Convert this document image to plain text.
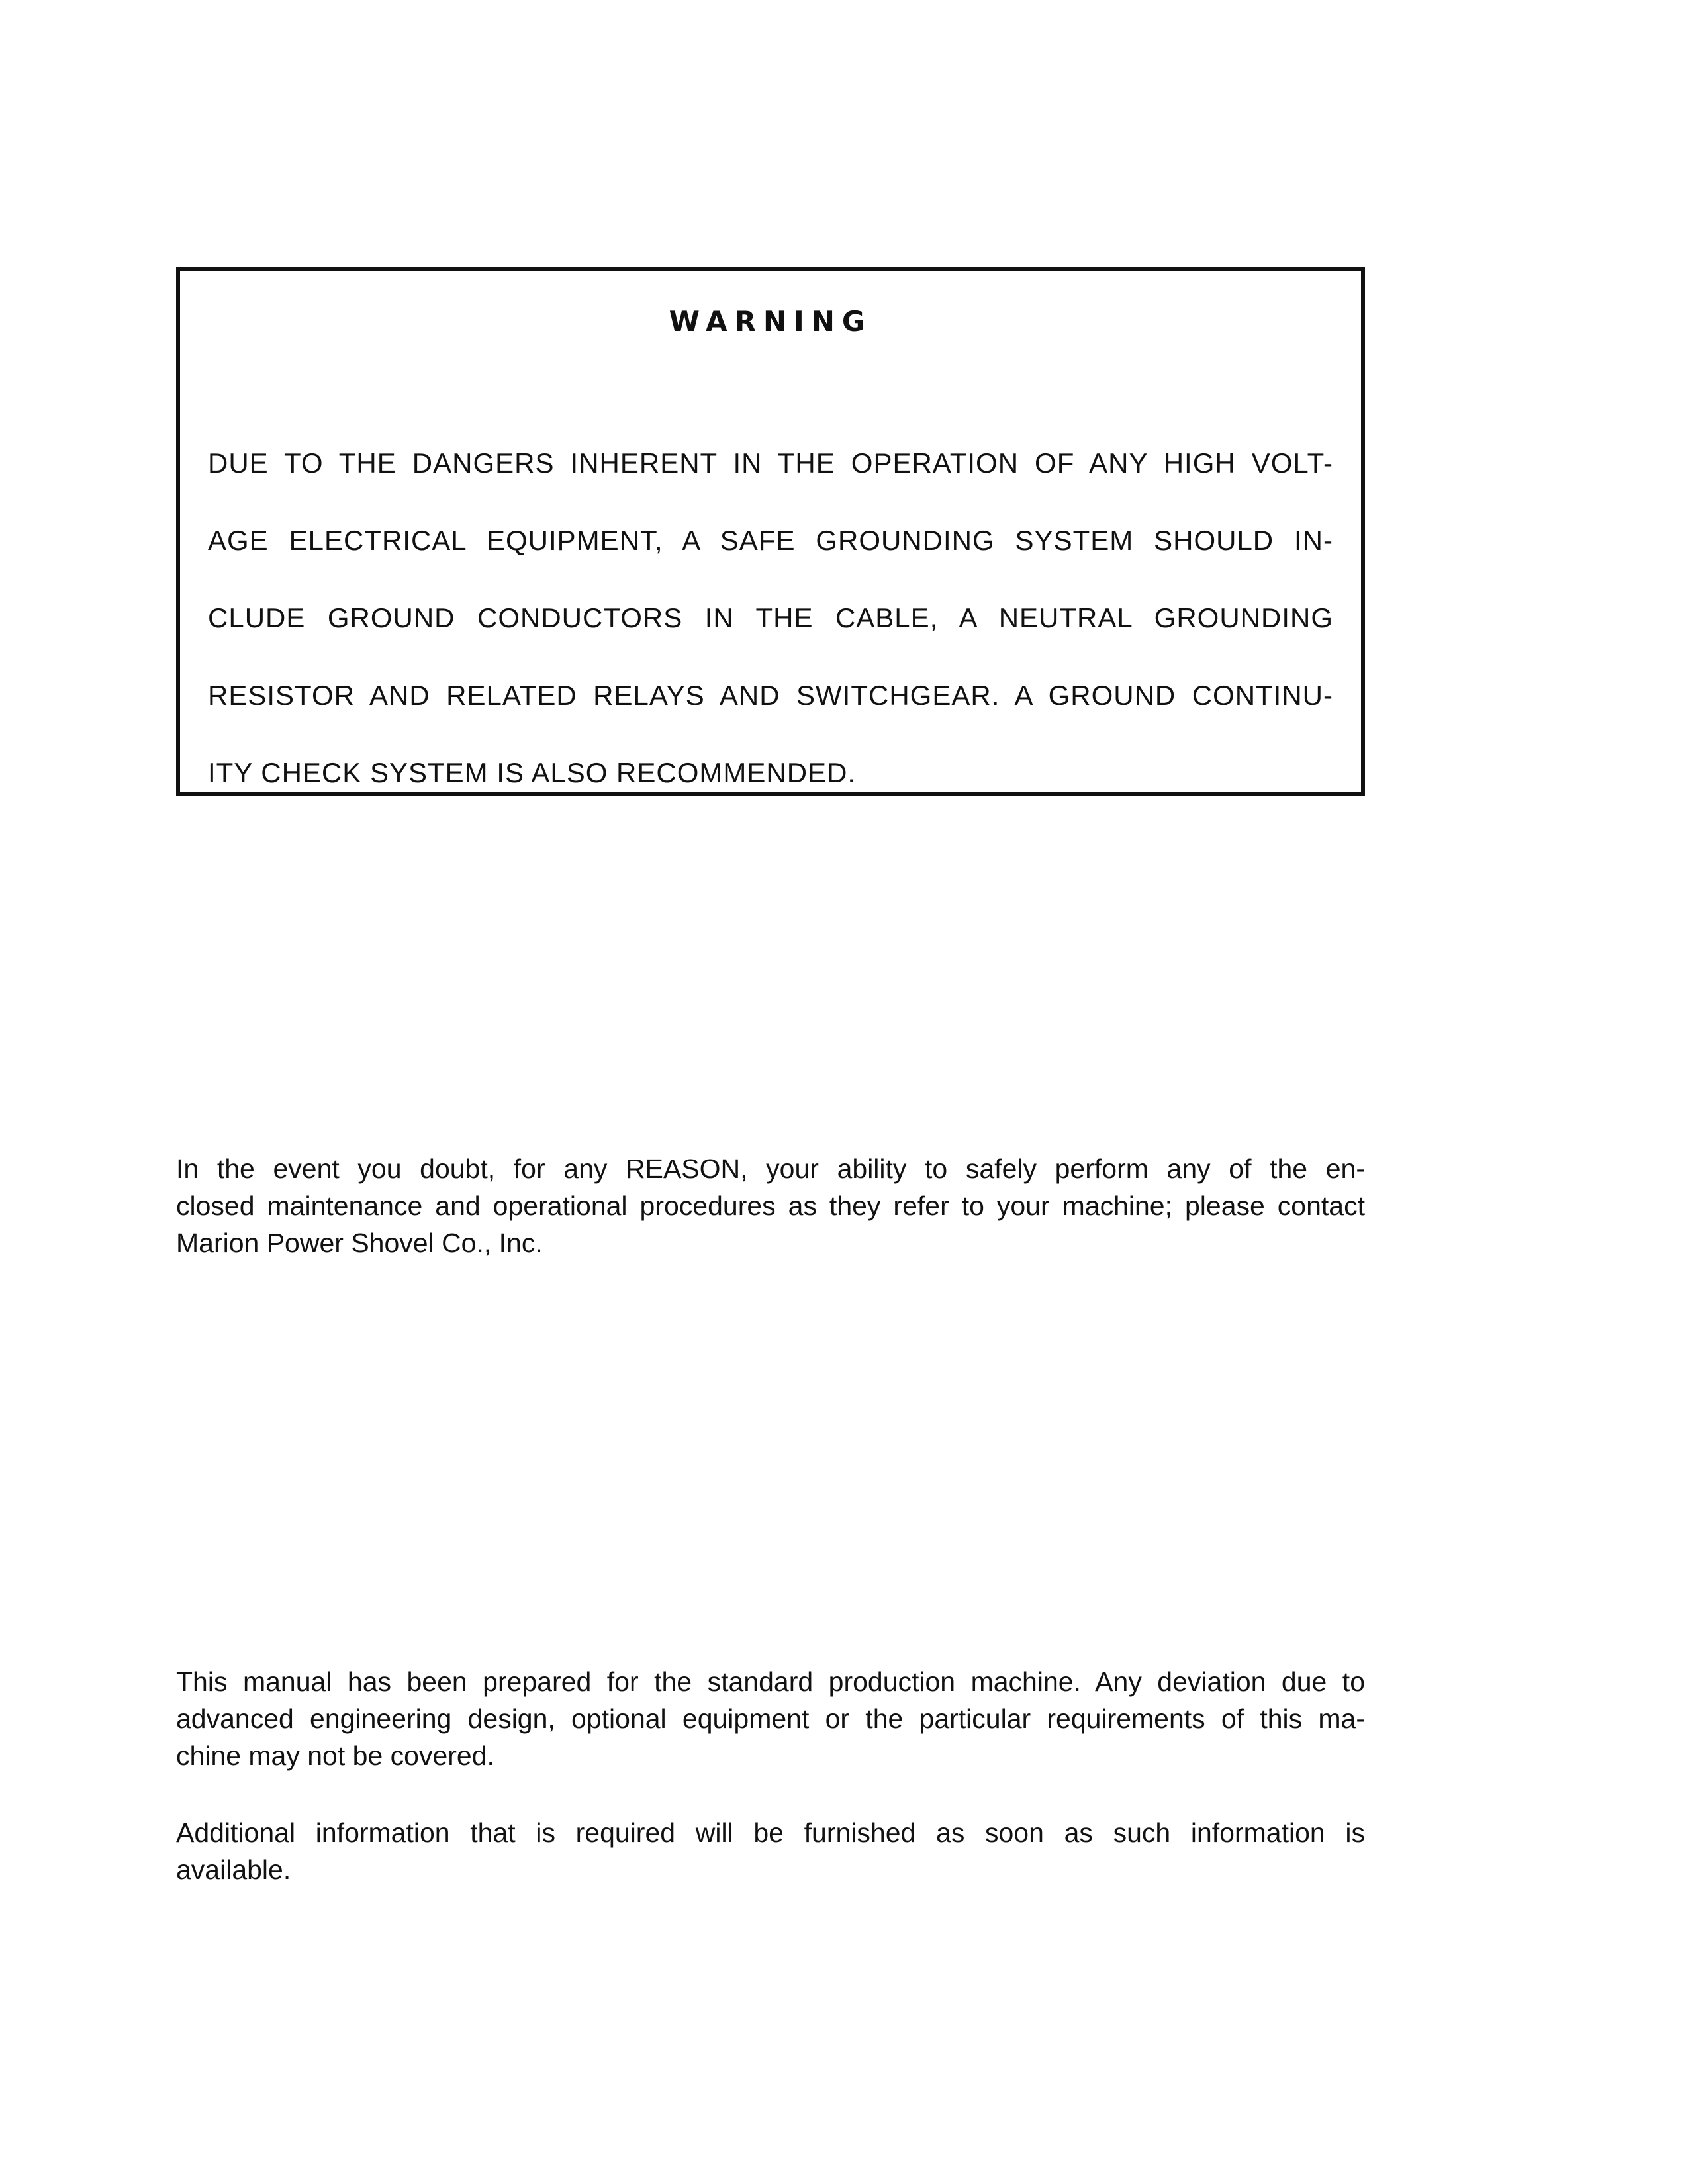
WARNING
DUE TO THE DANGERS INHERENT IN THE OPERATION OF ANY HIGH VOLT-
AGE ELECTRICAL EQUIPMENT, A SAFE GROUNDING SYSTEM SHOULD IN-
CLUDE GROUND CONDUCTORS IN THE CABLE, A NEUTRAL GROUNDING
RESISTOR AND RELATED RELAYS AND SWITCHGEAR. A GROUND CONTINU-
ITY CHECK SYSTEM IS ALSO RECOMMENDED.
In the event you doubt, for any REASON, your ability to safely perform any of the en-
closed maintenance and operational procedures as they refer to your machine; please contact
Marion Power Shovel Co., Inc.
This manual has been prepared for the standard production machine. Any deviation due to
advanced engineering design, optional equipment or the particular requirements of this ma-
chine may not be covered.
Additional information that is required will be furnished as soon as such information is
available.
